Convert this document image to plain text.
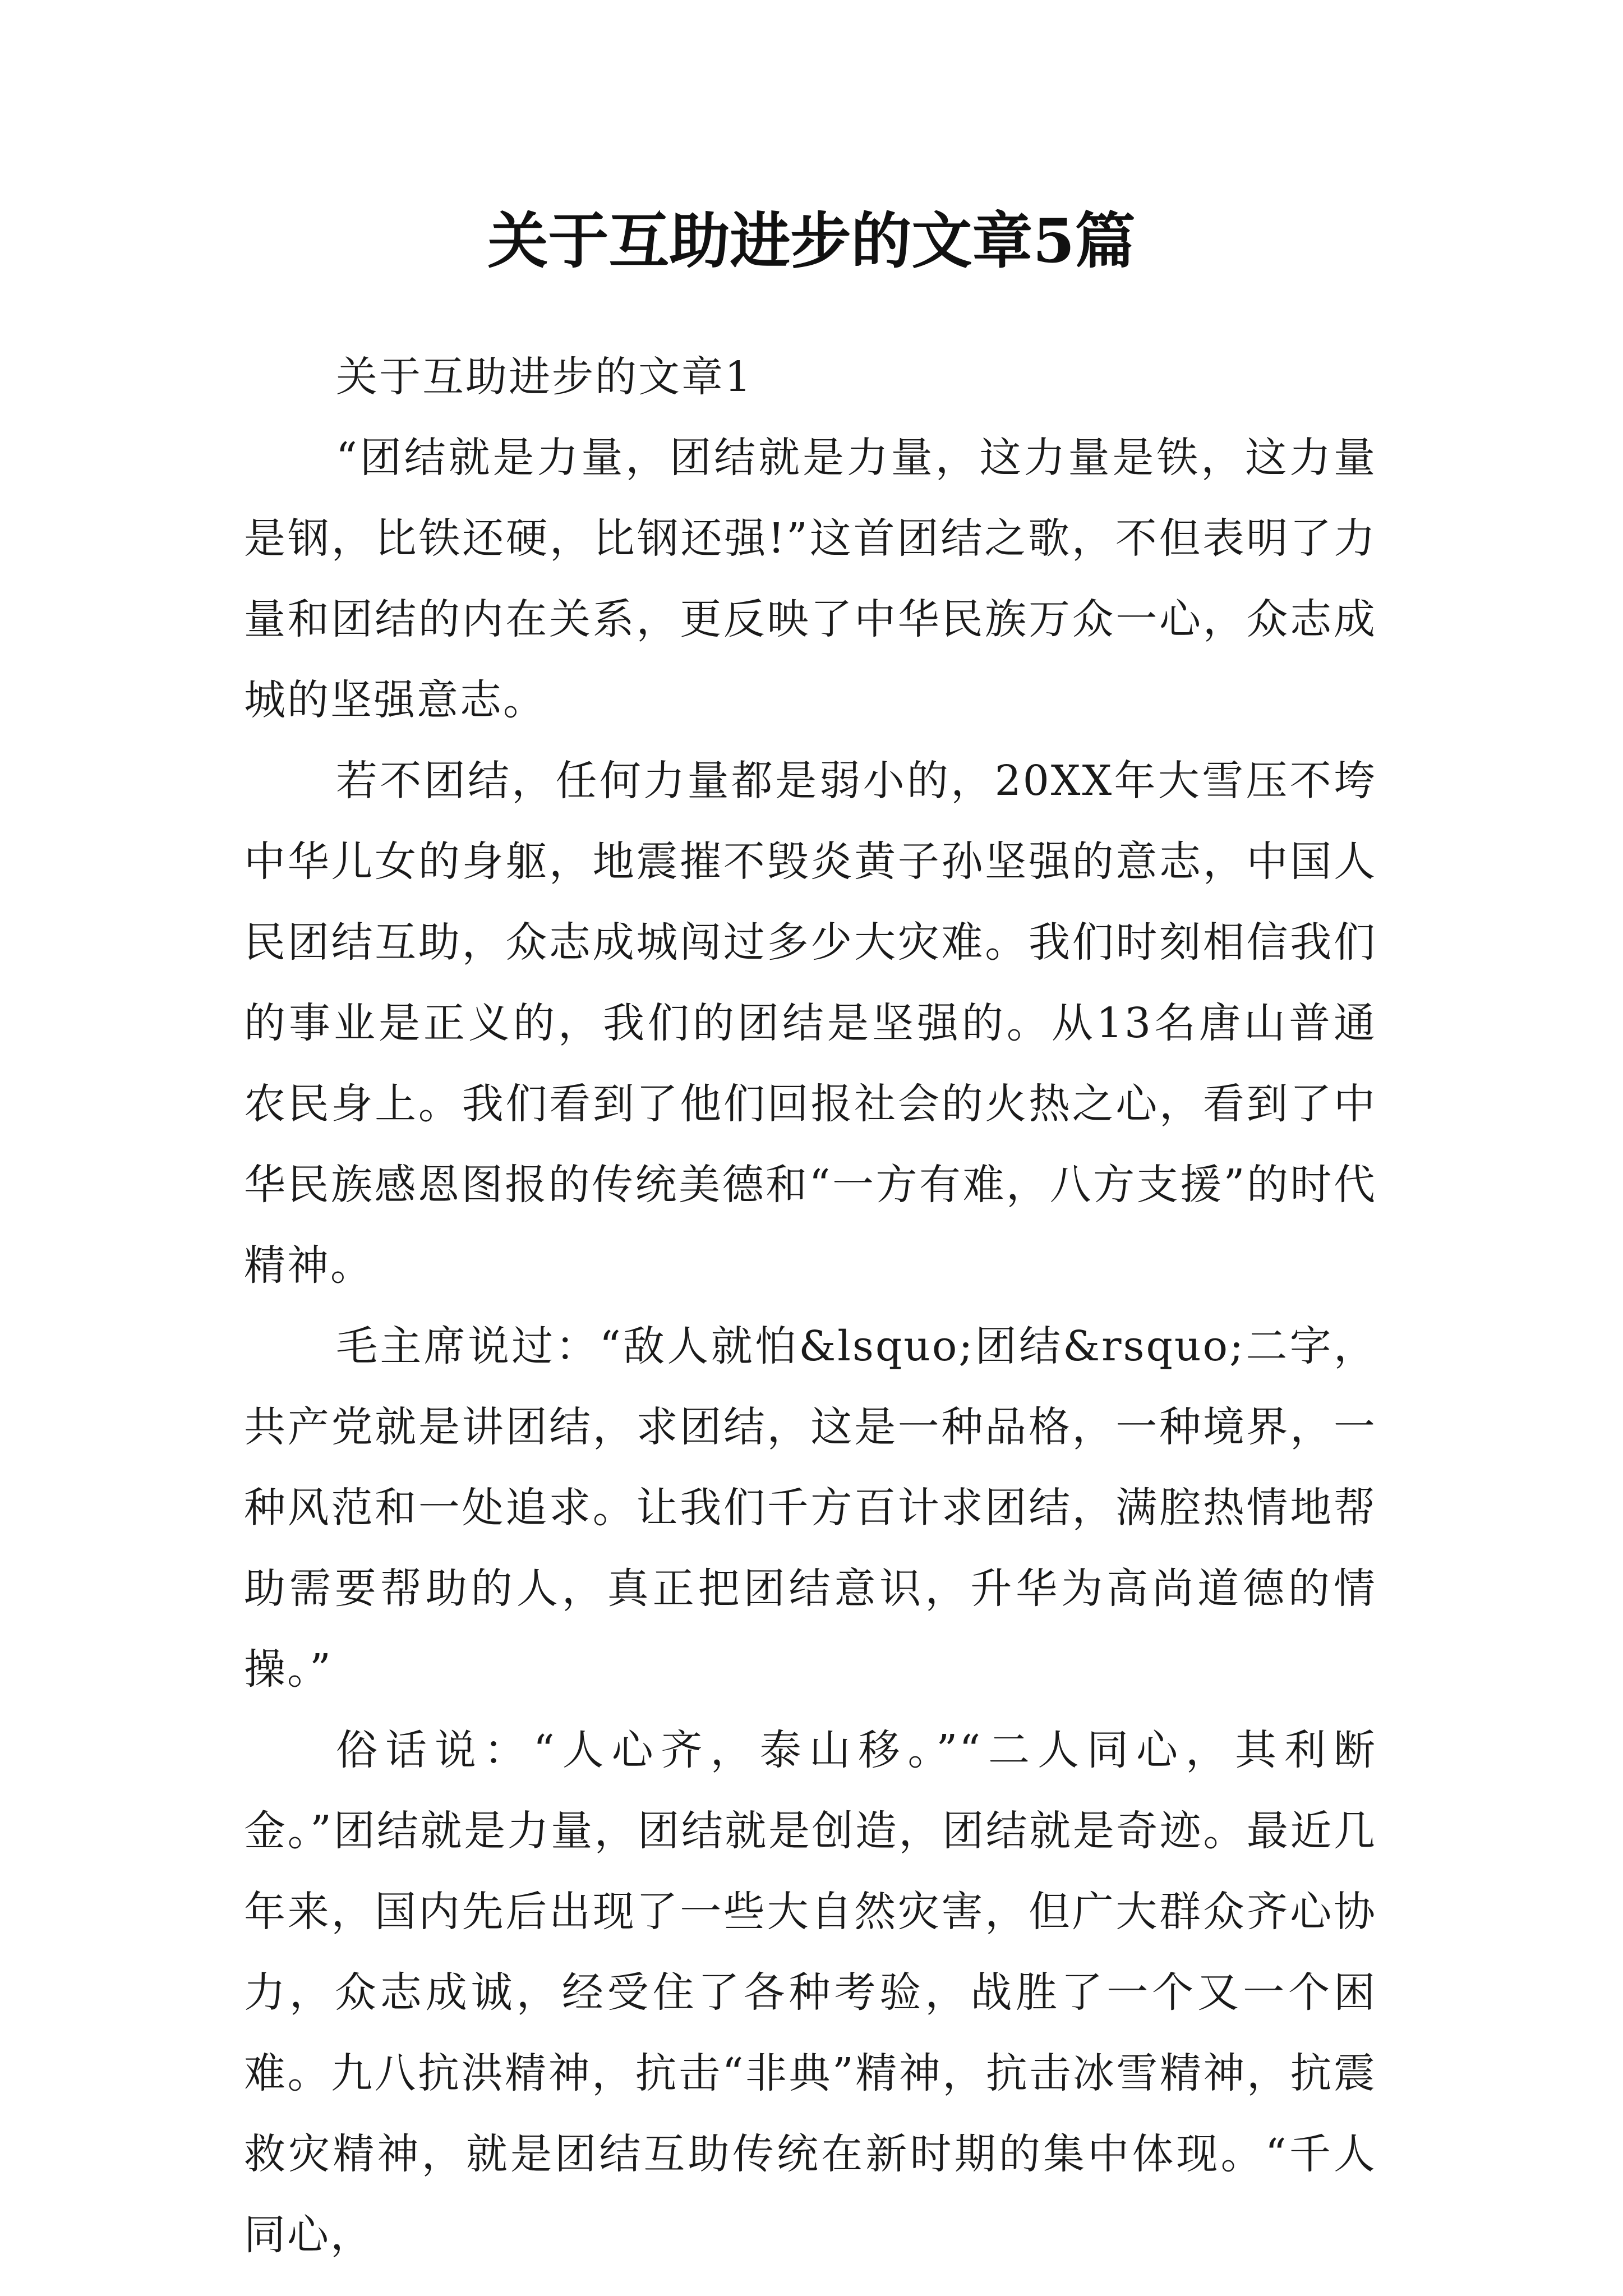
关于互助进步的文章5篇

关于互助进步的文章1

“团结就是力量，团结就是力量，这力量是铁，这力量是钢，比铁还硬，比钢还强!”这首团结之歌，不但表明了力量和团结的内在关系，更反映了中华民族万众一心，众志成城的坚强意志。

若不团结，任何力量都是弱小的，20XX年大雪压不垮中华儿女的身躯，地震摧不毁炎黄子孙坚强的意志，中国人民团结互助，众志成城闯过多少大灾难。我们时刻相信我们的事业是正义的，我们的团结是坚强的。从13名唐山普通农民身上。我们看到了他们回报社会的火热之心，看到了中华民族感恩图报的传统美德和“一方有难，八方支援”的时代精神。

毛主席说过：“敌人就怕&lsquo;团结&rsquo;二字，共产党就是讲团结，求团结，这是一种品格，一种境界，一种风范和一处追求。让我们千方百计求团结，满腔热情地帮助需要帮助的人，真正把团结意识，升华为高尚道德的情操。”

俗话说：“人心齐，泰山移。”“二人同心，其利断金。”团结就是力量，团结就是创造，团结就是奇迹。最近几年来，国内先后出现了一些大自然灾害，但广大群众齐心协力，众志成诚，经受住了各种考验，战胜了一个又一个困难。九八抗洪精神，抗击“非典”精神，抗击冰雪精神，抗震救灾精神，就是团结互助传统在新时期的集中体现。“千人同心，
